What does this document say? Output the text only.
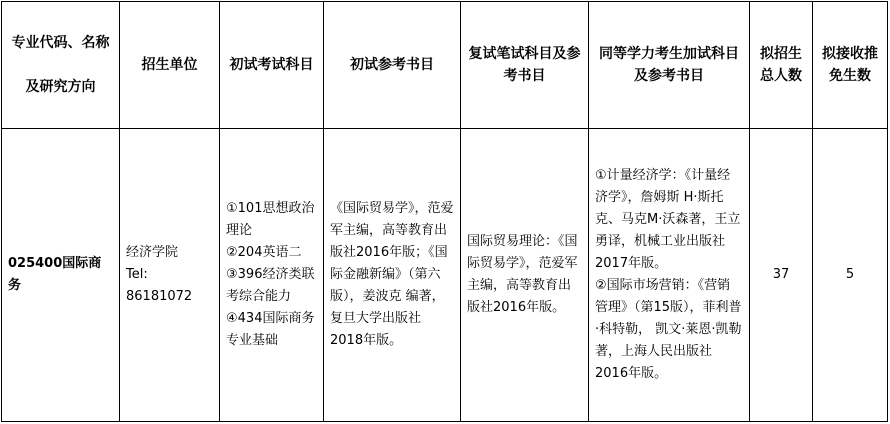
专业代码、名称

及研究方向	招生单位	初试考试科目	初试参考书目	复试笔试科目及参考书目	同等学力考生加试科目及参考书目	拟招生总人数	拟接收推免生数
025400国际商务	经济学院
Tel:
86181072	①101思想政治理论
②204英语二
③396经济类联考综合能力
④434国际商务专业基础	《国际贸易学》，范爱军主编，高等教育出版社2016年版；《国际金融新编》（第六版），姜波克 编著，复旦大学出版社2018年版。	国际贸易理论：《国际贸易学》，范爱军主编，高等教育出版社2016年版。	①计量经济学：《计量经济学》，詹姆斯 H·斯托克、马克M·沃森著，王立勇译，机械工业出版社2017年版。
②国际市场营销：《营销管理》（第15版），菲利普·科特勒， 凯文·莱恩·凯勒著，上海人民出版社2016年版。	37	5
